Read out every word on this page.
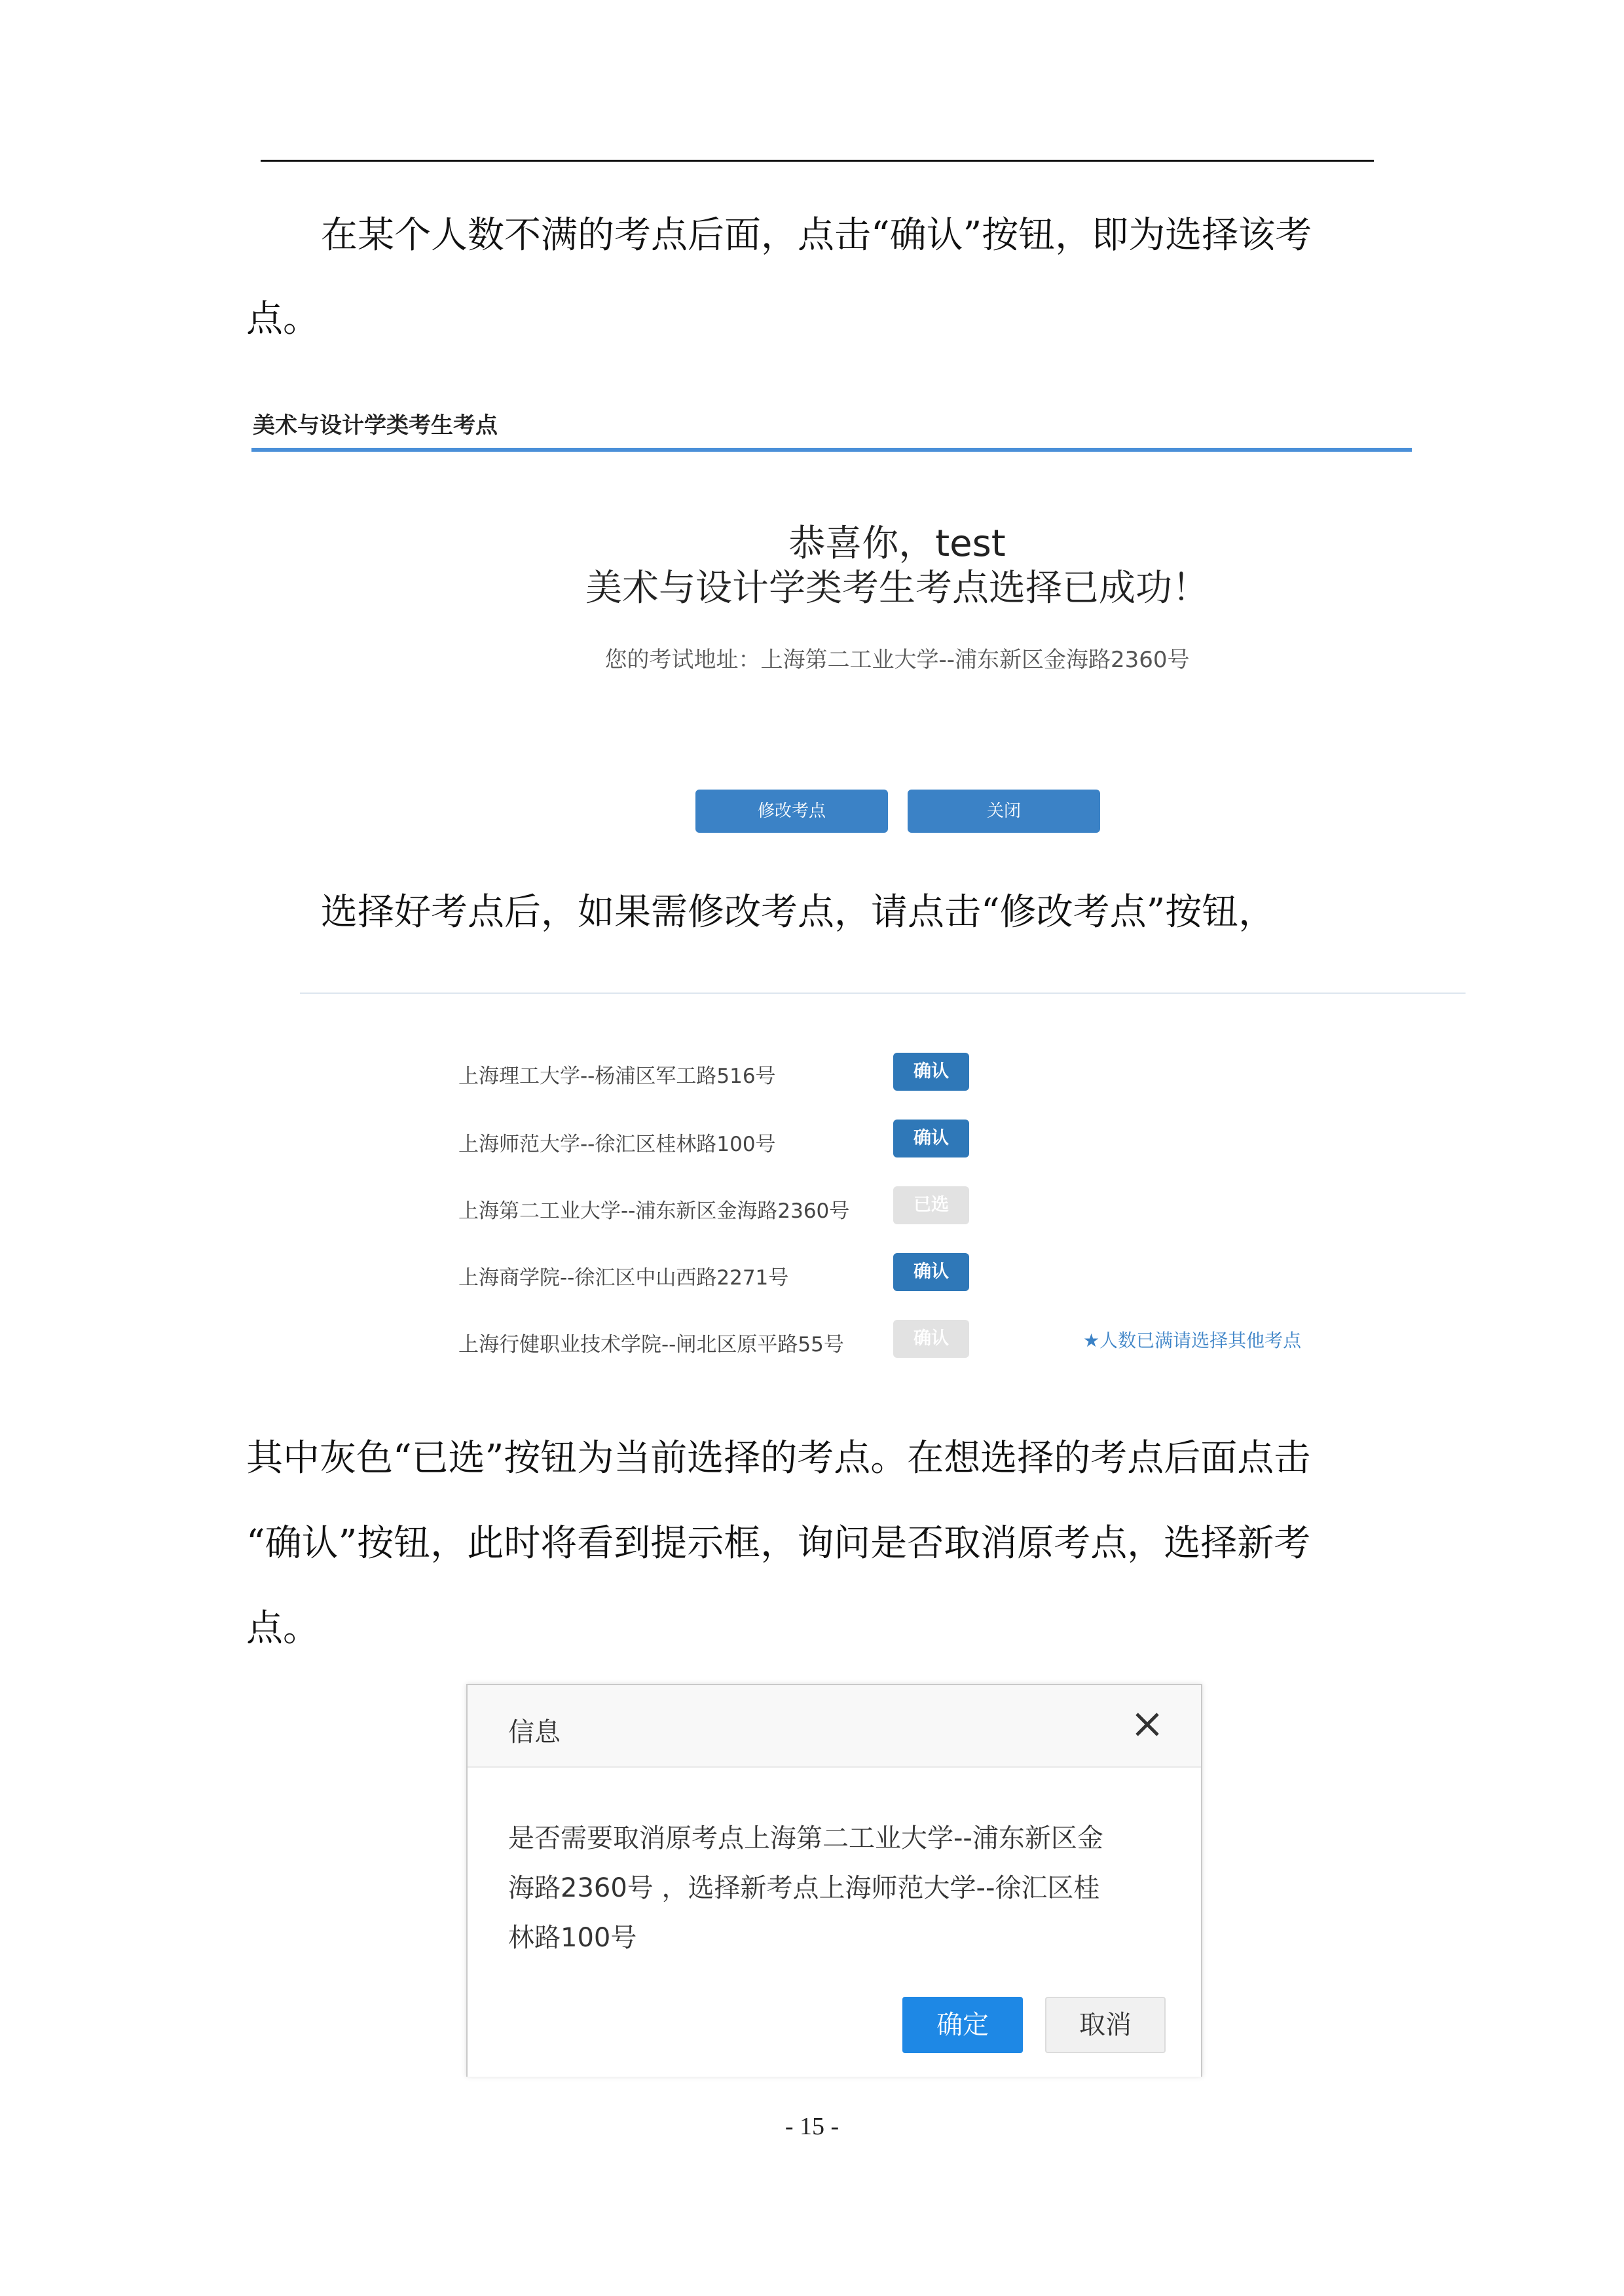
在某个人数不满的考点后面，点击“确认”按钮，即为选择该考
点。
美术与设计学类考生考点
恭喜你，test
美术与设计学类考生考点选择已成功！
您的考试地址：上海第二工业大学--浦东新区金海路2360号
修改考点	关闭
选择好考点后，如果需修改考点，请点击“修改考点”按钮，
上海理工大学--杨浦区军工路516号	确认
上海师范大学--徐汇区桂林路100号	确认
上海第二工业大学--浦东新区金海路2360号	已选
上海商学院--徐汇区中山西路2271号	确认
上海行健职业技术学院--闸北区原平路55号	确认	★人数已满请选择其他考点
其中灰色“已选”按钮为当前选择的考点。在想选择的考点后面点击
“确认”按钮，此时将看到提示框，询问是否取消原考点，选择新考
点。
信息
是否需要取消原考点上海第二工业大学--浦东新区金
海路2360号 ，选择新考点上海师范大学--徐汇区桂
林路100号
确定	取消
- 15 -
